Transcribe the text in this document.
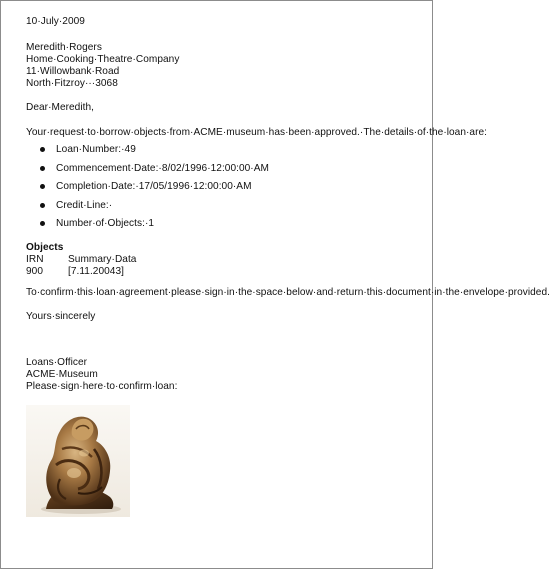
10·July·2009
Meredith·Rogers
Home·Cooking·Theatre·Company
11·Willowbank·Road
North·Fitzroy···3068
Dear·Meredith,
Your·request·to·borrow·objects·from·ACME·museum·has·been·approved.·The·details·of·the·loan·are:
Loan·Number:·49
Commencement·Date:·8/02/1996·12:00:00·AM
Completion·Date:·17/05/1996·12:00:00·AM
Credit·Line:·
Number·of·Objects:·1
Objects
IRN	Summary·Data
900	[7.11.20043]
To·confirm·this·loan·agreement·please·sign·in·the·space·below·and·return·this·document·in·the·envelope·provided.
Yours·sincerely
Loans·Officer
ACME·Museum
Please·sign·here·to·confirm·loan:
